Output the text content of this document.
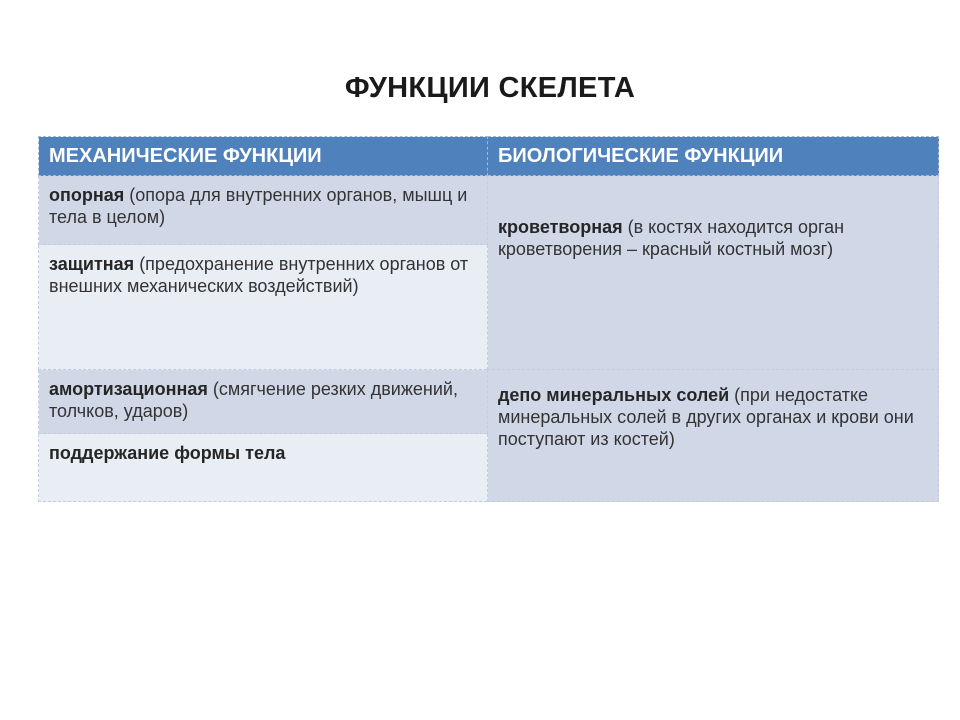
ФУНКЦИИ СКЕЛЕТА
МЕХАНИЧЕСКИЕ ФУНКЦИИ	БИОЛОГИЧЕСКИЕ ФУНКЦИИ
опорная (опора для внутренних органов, мышц и тела в целом)	кроветворная (в костях находится орган кроветворения – красный костный мозг)
защитная (предохранение внутренних органов от внешних механических воздействий)	
амортизационная (смягчение резких движений, толчков, ударов)	депо минеральных солей (при недостатке минеральных солей в других органах и крови они поступают из костей)
поддержание формы тела	
